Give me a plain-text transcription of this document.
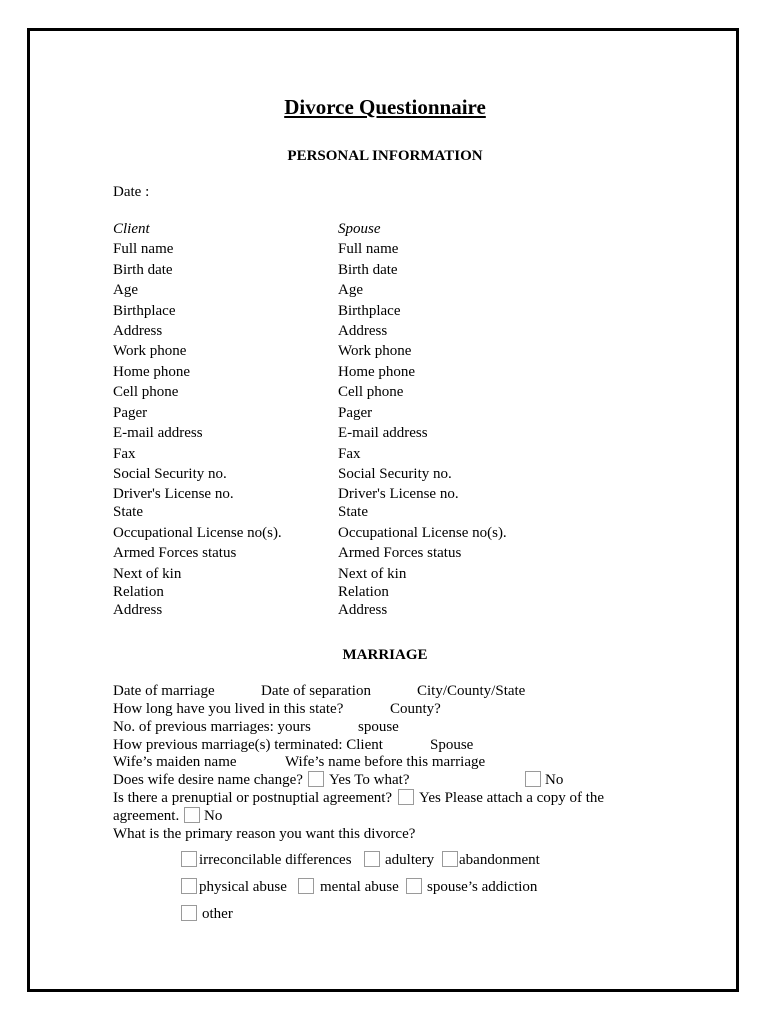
Divorce Questionnaire
PERSONAL INFORMATION
Date :
Client	Spouse
Full name	Full name
Birth date	Birth date
Age	Age
Birthplace	Birthplace
Address	Address
Work phone	Work phone
Home phone	Home phone
Cell phone	Cell phone
Pager	Pager
E-mail address	E-mail address
Fax	Fax
Social Security no.	Social Security no.
Driver's License no.	Driver's License no.
State	State
Occupational License no(s).	Occupational License no(s).
Armed Forces status	Armed Forces status
Next of kin	Next of kin
Relation	Relation
Address	Address
MARRIAGE
Date of marriage	Date of separation	City/County/State
How long have you lived in this state?	County?
No. of previous marriages: yours	spouse
How previous marriage(s) terminated: Client	Spouse
Wife’s maiden name	Wife’s name before this marriage
Does wife desire name change? Yes To what?	No
Is there a prenuptial or postnuptial agreement? Yes Please attach a copy of the
agreement. No
What is the primary reason you want this divorce?
irreconcilable differences adultery abandonment
physical abuse mental abuse spouse’s addiction
other
